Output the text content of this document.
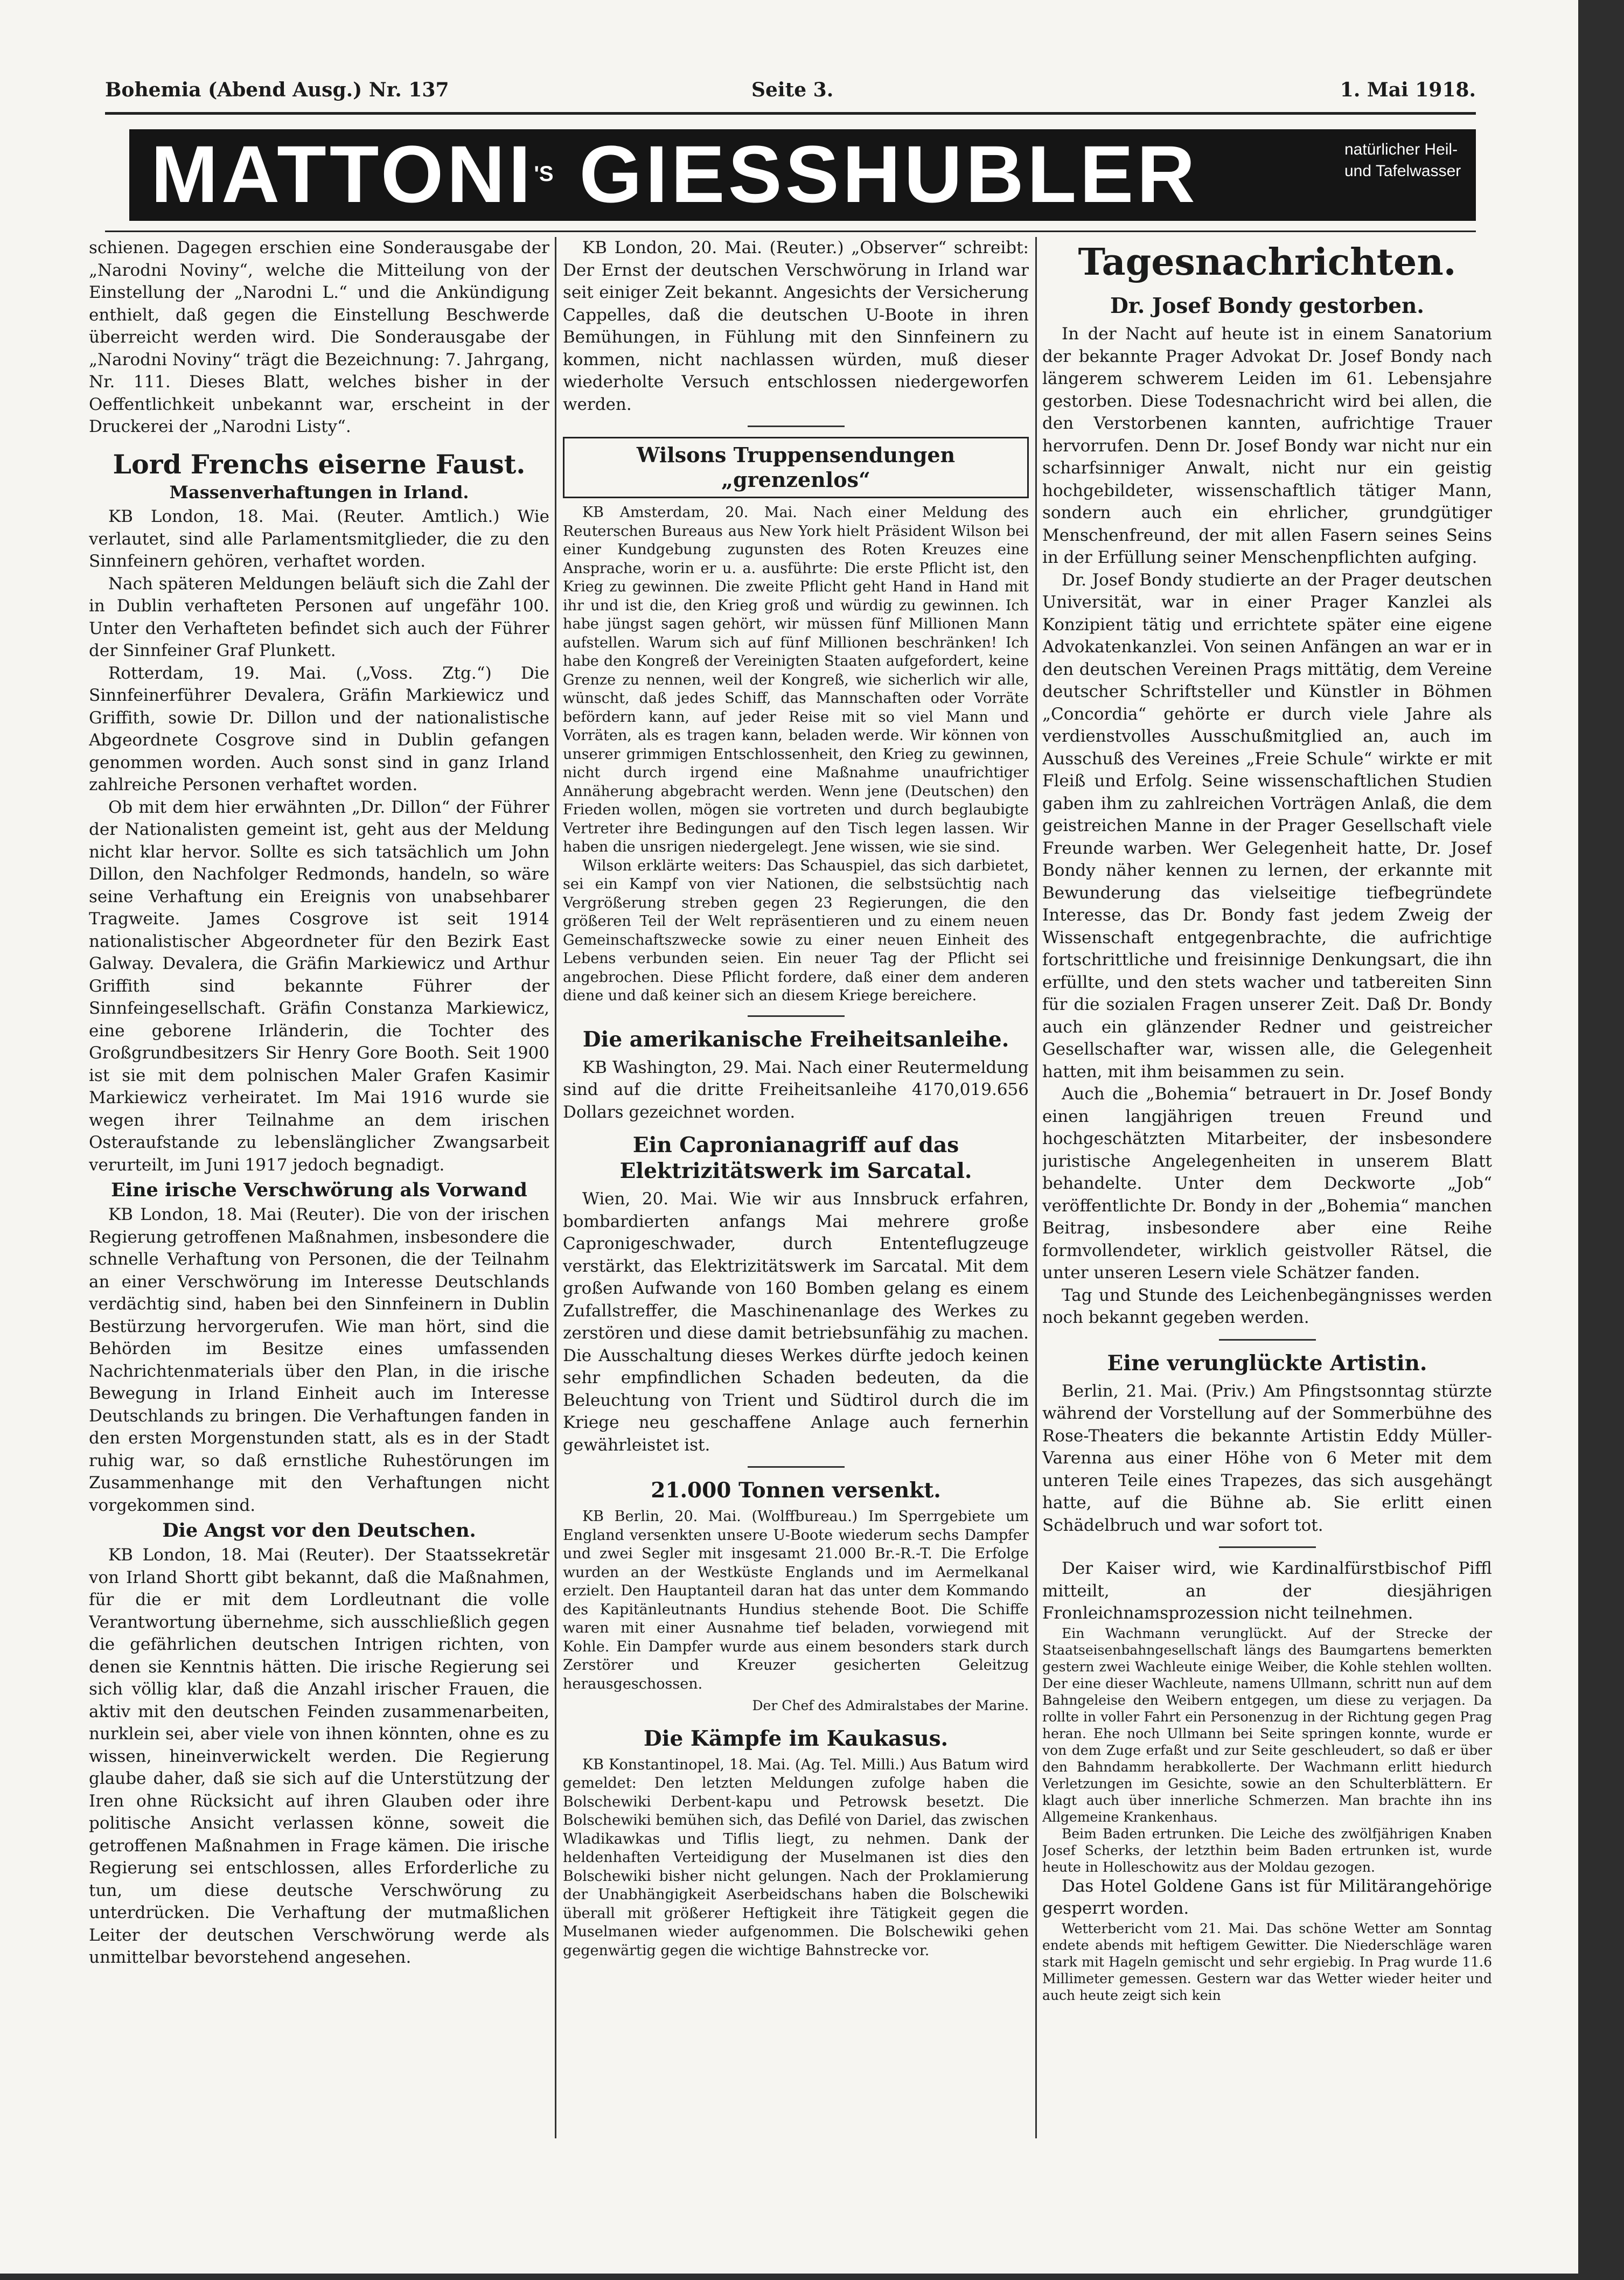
Bohemia (Abend Ausg.) Nr. 137	Seite 3.	1. Mai 1918.
$MATTONI^{'S}$ GIESSHUBLER	natürlicher Heil- und Tafelwasser

schienen. Dagegen erschien eine Sonderausgabe der „Narodni Noviny“, welche die Mitteilung von der Einstellung der „Narodni L.“ und die Ankündigung enthielt, daß gegen die Einstellung Beschwerde überreicht werden wird. Die Sonderausgabe der „Narodni Noviny“ trägt die Bezeichnung: 7. Jahrgang, Nr. 111. Dieses Blatt, welches bisher in der Oeffentlichkeit unbekannt war, erscheint in der Druckerei der „Narodni Listy“.

Lord Frenchs eiserne Faust.
Massenverhaftungen in Irland.

KB London, 18. Mai. (Reuter. Amtlich.) Wie verlautet, sind alle Parlamentsmitglieder, die zu den Sinnfeinern gehören, verhaftet worden.

Nach späteren Meldungen beläuft sich die Zahl der in Dublin verhafteten Personen auf ungefähr 100. Unter den Verhafteten befindet sich auch der Führer der Sinnfeiner Graf Plunkett.

Rotterdam, 19. Mai. („Voss. Ztg.“) Die Sinnfeinerführer Devalera, Gräfin Markiewicz und Griffith, sowie Dr. Dillon und der nationalistische Abgeordnete Cosgrove sind in Dublin gefangen genommen worden. Auch sonst sind in ganz Irland zahlreiche Personen verhaftet worden.

Ob mit dem hier erwähnten „Dr. Dillon“ der Führer der Nationalisten gemeint ist, geht aus der Meldung nicht klar hervor. Sollte es sich tatsächlich um John Dillon, den Nachfolger Redmonds, handeln, so wäre seine Verhaftung ein Ereignis von unabsehbarer Tragweite. James Cosgrove ist seit 1914 nationalistischer Abgeordneter für den Bezirk East Galway. Devalera, die Gräfin Markiewicz und Arthur Griffith sind bekannte Führer der Sinnfeingesellschaft. Gräfin Constanza Markiewicz, eine geborene Irländerin, die Tochter des Großgrundbesitzers Sir Henry Gore Booth. Seit 1900 ist sie mit dem polnischen Maler Grafen Kasimir Markiewicz verheiratet. Im Mai 1916 wurde sie wegen ihrer Teilnahme an dem irischen Osteraufstande zu lebenslänglicher Zwangsarbeit verurteilt, im Juni 1917 jedoch begnadigt.

Eine irische Verschwörung als Vorwand

KB London, 18. Mai (Reuter). Die von der irischen Regierung getroffenen Maßnahmen, insbesondere die schnelle Verhaftung von Personen, die der Teilnahm an einer Verschwörung im Interesse Deutschlands verdächtig sind, haben bei den Sinnfeinern in Dublin Bestürzung hervorgerufen. Wie man hört, sind die Behörden im Besitze eines umfassenden Nachrichtenmaterials über den Plan, in die irische Bewegung in Irland Einheit auch im Interesse Deutschlands zu bringen. Die Verhaftungen fanden in den ersten Morgenstunden statt, als es in der Stadt ruhig war, so daß ernstliche Ruhestörungen im Zusammenhange mit den Verhaftungen nicht vorgekommen sind.

Die Angst vor den Deutschen.

KB London, 18. Mai (Reuter). Der Staatssekretär von Irland Shortt gibt bekannt, daß die Maßnahmen, für die er mit dem Lordleutnant die volle Verantwortung übernehme, sich ausschließlich gegen die gefährlichen deutschen Intrigen richten, von denen sie Kenntnis hätten. Die irische Regierung sei sich völlig klar, daß die Anzahl irischer Frauen, die aktiv mit den deutschen Feinden zusammenarbeiten, nurklein sei, aber viele von ihnen könnten, ohne es zu wissen, hineinverwickelt werden. Die Regierung glaube daher, daß sie sich auf die Unterstützung der Iren ohne Rücksicht auf ihren Glauben oder ihre politische Ansicht verlassen könne, soweit die getroffenen Maßnahmen in Frage kämen. Die irische Regierung sei entschlossen, alles Erforderliche zu tun, um diese deutsche Verschwörung zu unterdrücken. Die Verhaftung der mutmaßlichen Leiter der deutschen Verschwörung werde als unmittelbar bevorstehend angesehen.

KB London, 20. Mai. (Reuter.) „Observer“ schreibt: Der Ernst der deutschen Verschwörung in Irland war seit einiger Zeit bekannt. Angesichts der Versicherung Cappelles, daß die deutschen U-Boote in ihren Bemühungen, in Fühlung mit den Sinnfeinern zu kommen, nicht nachlassen würden, muß dieser wiederholte Versuch entschlossen niedergeworfen werden.

Wilsons Truppensendungen „grenzenlos“

KB Amsterdam, 20. Mai. Nach einer Meldung des Reuterschen Bureaus aus New York hielt Präsident Wilson bei einer Kundgebung zugunsten des Roten Kreuzes eine Ansprache, worin er u. a. ausführte: Die erste Pflicht ist, den Krieg zu gewinnen. Die zweite Pflicht geht Hand in Hand mit ihr und ist die, den Krieg groß und würdig zu gewinnen. Ich habe jüngst sagen gehört, wir müssen fünf Millionen Mann aufstellen. Warum sich auf fünf Millionen beschränken! Ich habe den Kongreß der Vereinigten Staaten aufgefordert, keine Grenze zu nennen, weil der Kongreß, wie sicherlich wir alle, wünscht, daß jedes Schiff, das Mannschaften oder Vorräte befördern kann, auf jeder Reise mit so viel Mann und Vorräten, als es tragen kann, beladen werde. Wir können von unserer grimmigen Entschlossenheit, den Krieg zu gewinnen, nicht durch irgend eine Maßnahme unaufrichtiger Annäherung abgebracht werden. Wenn jene (Deutschen) den Frieden wollen, mögen sie vortreten und durch beglaubigte Vertreter ihre Bedingungen auf den Tisch legen lassen. Wir haben die unsrigen niedergelegt. Jene wissen, wie sie sind.

Wilson erklärte weiters: Das Schauspiel, das sich darbietet, sei ein Kampf von vier Nationen, die selbstsüchtig nach Vergrößerung streben gegen 23 Regierungen, die den größeren Teil der Welt repräsentieren und zu einem neuen Gemeinschaftszwecke sowie zu einer neuen Einheit des Lebens verbunden seien. Ein neuer Tag der Pflicht sei angebrochen. Diese Pflicht fordere, daß einer dem anderen diene und daß keiner sich an diesem Kriege bereichere.

Die amerikanische Freiheitsanleihe.

KB Washington, 29. Mai. Nach einer Reutermeldung sind auf die dritte Freiheitsanleihe 4170,019.656 Dollars gezeichnet worden.

Ein Capronianagriff auf das Elektrizitätswerk im Sarcatal.

Wien, 20. Mai. Wie wir aus Innsbruck erfahren, bombardierten anfangs Mai mehrere große Capronigeschwader, durch Ententeflugzeuge verstärkt, das Elektrizitätswerk im Sarcatal. Mit dem großen Aufwande von 160 Bomben gelang es einem Zufallstreffer, die Maschinenanlage des Werkes zu zerstören und diese damit betriebsunfähig zu machen. Die Ausschaltung dieses Werkes dürfte jedoch keinen sehr empfindlichen Schaden bedeuten, da die Beleuchtung von Trient und Südtirol durch die im Kriege neu geschaffene Anlage auch fernerhin gewährleistet ist.

21.000 Tonnen versenkt.

KB Berlin, 20. Mai. (Wolffbureau.) Im Sperrgebiete um England versenkten unsere U-Boote wiederum sechs Dampfer und zwei Segler mit insgesamt 21.000 Br.-R.-T. Die Erfolge wurden an der Westküste Englands und im Aermelkanal erzielt. Den Hauptanteil daran hat das unter dem Kommando des Kapitänleutnants Hundius stehende Boot. Die Schiffe waren mit einer Ausnahme tief beladen, vorwiegend mit Kohle. Ein Dampfer wurde aus einem besonders stark durch Zerstörer und Kreuzer gesicherten Geleitzug herausgeschossen.

Der Chef des Admiralstabes der Marine.
Die Kämpfe im Kaukasus.

KB Konstantinopel, 18. Mai. (Ag. Tel. Milli.) Aus Batum wird gemeldet: Den letzten Meldungen zufolge haben die Bolschewiki Derbent-kapu und Petrowsk besetzt. Die Bolschewiki bemühen sich, das Defilé von Dariel, das zwischen Wladikawkas und Tiflis liegt, zu nehmen. Dank der heldenhaften Verteidigung der Muselmanen ist dies den Bolschewiki bisher nicht gelungen. Nach der Proklamierung der Unabhängigkeit Aserbeidschans haben die Bolschewiki überall mit größerer Heftigkeit ihre Tätigkeit gegen die Muselmanen wieder aufgenommen. Die Bolschewiki gehen gegenwärtig gegen die wichtige Bahnstrecke vor.

Tagesnachrichten.
Dr. Josef Bondy gestorben.

In der Nacht auf heute ist in einem Sanatorium der bekannte Prager Advokat Dr. Josef Bondy nach längerem schwerem Leiden im 61. Lebensjahre gestorben. Diese Todesnachricht wird bei allen, die den Verstorbenen kannten, aufrichtige Trauer hervorrufen. Denn Dr. Josef Bondy war nicht nur ein scharfsinniger Anwalt, nicht nur ein geistig hochgebildeter, wissenschaftlich tätiger Mann, sondern auch ein ehrlicher, grundgütiger Menschenfreund, der mit allen Fasern seines Seins in der Erfüllung seiner Menschenpflichten aufging.

Dr. Josef Bondy studierte an der Prager deutschen Universität, war in einer Prager Kanzlei als Konzipient tätig und errichtete später eine eigene Advokatenkanzlei. Von seinen Anfängen an war er in den deutschen Vereinen Prags mittätig, dem Vereine deutscher Schriftsteller und Künstler in Böhmen „Concordia“ gehörte er durch viele Jahre als verdienstvolles Ausschußmitglied an, auch im Ausschuß des Vereines „Freie Schule“ wirkte er mit Fleiß und Erfolg. Seine wissenschaftlichen Studien gaben ihm zu zahlreichen Vorträgen Anlaß, die dem geistreichen Manne in der Prager Gesellschaft viele Freunde warben. Wer Gelegenheit hatte, Dr. Josef Bondy näher kennen zu lernen, der erkannte mit Bewunderung das vielseitige tiefbegründete Interesse, das Dr. Bondy fast jedem Zweig der Wissenschaft entgegenbrachte, die aufrichtige fortschrittliche und freisinnige Denkungsart, die ihn erfüllte, und den stets wacher und tatbereiten Sinn für die sozialen Fragen unserer Zeit. Daß Dr. Bondy auch ein glänzender Redner und geistreicher Gesellschafter war, wissen alle, die Gelegenheit hatten, mit ihm beisammen zu sein.

Auch die „Bohemia“ betrauert in Dr. Josef Bondy einen langjährigen treuen Freund und hochgeschätzten Mitarbeiter, der insbesondere juristische Angelegenheiten in unserem Blatt behandelte. Unter dem Deckworte „Job“ veröffentlichte Dr. Bondy in der „Bohemia“ manchen Beitrag, insbesondere aber eine Reihe formvollendeter, wirklich geistvoller Rätsel, die unter unseren Lesern viele Schätzer fanden.

Tag und Stunde des Leichenbegängnisses werden noch bekannt gegeben werden.

Eine verunglückte Artistin.

Berlin, 21. Mai. (Priv.) Am Pfingstsonntag stürzte während der Vorstellung auf der Sommerbühne des Rose-Theaters die bekannte Artistin Eddy Müller-Varenna aus einer Höhe von 6 Meter mit dem unteren Teile eines Trapezes, das sich ausgehängt hatte, auf die Bühne ab. Sie erlitt einen Schädelbruch und war sofort tot.

Der Kaiser wird, wie Kardinalfürstbischof Piffl mitteilt, an der diesjährigen Fronleichnamsprozession nicht teilnehmen.

Ein Wachmann verunglückt. Auf der Strecke der Staatseisenbahngesellschaft längs des Baumgartens bemerkten gestern zwei Wachleute einige Weiber, die Kohle stehlen wollten. Der eine dieser Wachleute, namens Ullmann, schritt nun auf dem Bahngeleise den Weibern entgegen, um diese zu verjagen. Da rollte in voller Fahrt ein Personenzug in der Richtung gegen Prag heran. Ehe noch Ullmann bei Seite springen konnte, wurde er von dem Zuge erfaßt und zur Seite geschleudert, so daß er über den Bahndamm herabkollerte. Der Wachmann erlitt hiedurch Verletzungen im Gesichte, sowie an den Schulterblättern. Er klagt auch über innerliche Schmerzen. Man brachte ihn ins Allgemeine Krankenhaus.

Beim Baden ertrunken. Die Leiche des zwölfjährigen Knaben Josef Scherks, der letzthin beim Baden ertrunken ist, wurde heute in Holleschowitz aus der Moldau gezogen.

Das Hotel Goldene Gans ist für Militärangehörige gesperrt worden.

Wetterbericht vom 21. Mai. Das schöne Wetter am Sonntag endete abends mit heftigem Gewitter. Die Niederschläge waren stark mit Hageln gemischt und sehr ergiebig. In Prag wurde 11.6 Millimeter gemessen. Gestern war das Wetter wieder heiter und auch heute zeigt sich kein
